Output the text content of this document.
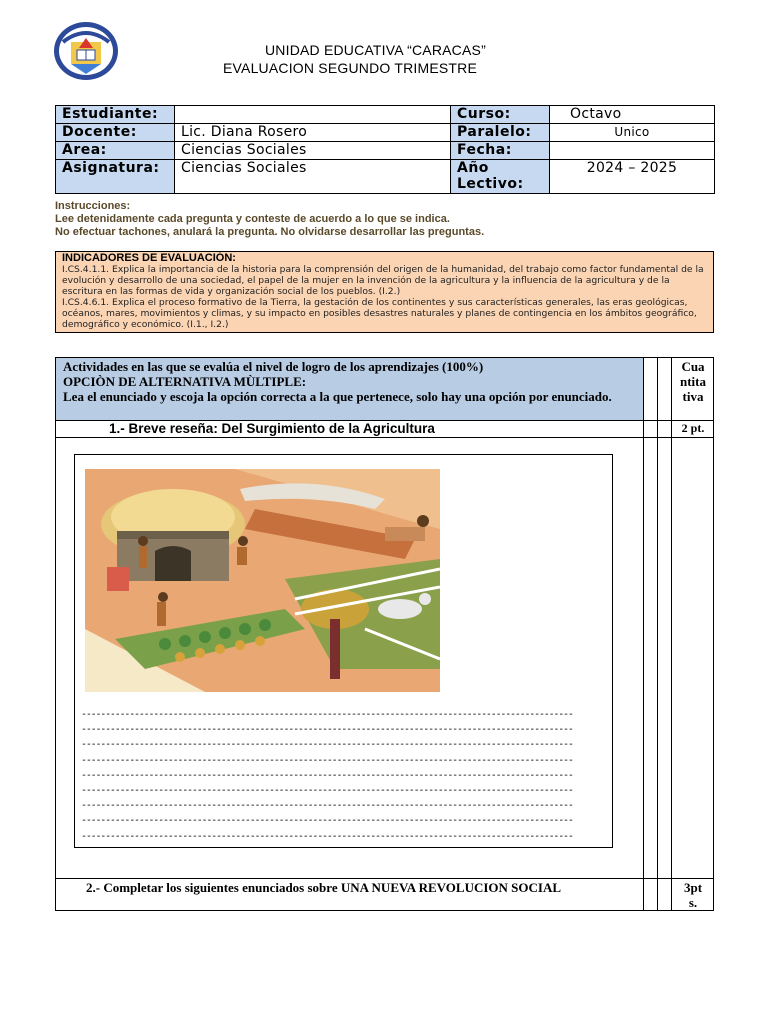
UNIDAD EDUCATIVA “CARACAS”
EVALUACION SEGUNDO TRIMESTRE
Estudiante:		Curso:	Octavo
Docente:	Lic. Diana Rosero	Paralelo:	Unico
Area:	Ciencias Sociales	Fecha:	
Asignatura:	Ciencias Sociales	Año Lectivo:	2024 – 2025
Instrucciones:
Lee detenidamente cada pregunta y conteste de acuerdo a lo que se indica.
No efectuar tachones, anulará la pregunta. No olvidarse desarrollar las preguntas.
INDICADORES DE EVALUACIÓN:
I.CS.4.1.1. Explica la importancia de la historia para la comprensión del origen de la humanidad, del trabajo como factor fundamental de la evolución y desarrollo de una sociedad, el papel de la mujer en la invención de la agricultura y la influencia de la agricultura y de la escritura en las formas de vida y organización social de los pueblos. (I.2.)
I.CS.4.6.1. Explica el proceso formativo de la Tierra, la gestación de los continentes y sus características generales, las eras geológicas, océanos, mares, movimientos y climas, y su impacto en posibles desastres naturales y planes de contingencia en los ámbitos geográfico, demográfico y económico. (I.1., I.2.)
Actividades en las que se evalúa el nivel de logro de los aprendizajes (100%)
OPCIÒN DE ALTERNATIVA MÙLTIPLE:
Lea el enunciado y escoja la opción correcta a la que pertenece, solo hay una opción por enunciado.
Cuantitativa
1.- Breve reseña: Del Surgimiento de la Agricultura	2 pt.
------------------------------------------------------------------------------------------------------
------------------------------------------------------------------------------------------------------
------------------------------------------------------------------------------------------------------
------------------------------------------------------------------------------------------------------
------------------------------------------------------------------------------------------------------
------------------------------------------------------------------------------------------------------
------------------------------------------------------------------------------------------------------
------------------------------------------------------------------------------------------------------
------------------------------------------------------------------------------------------------------
2.- Completar los siguientes enunciados sobre UNA NUEVA REVOLUCION SOCIAL	3pts.
